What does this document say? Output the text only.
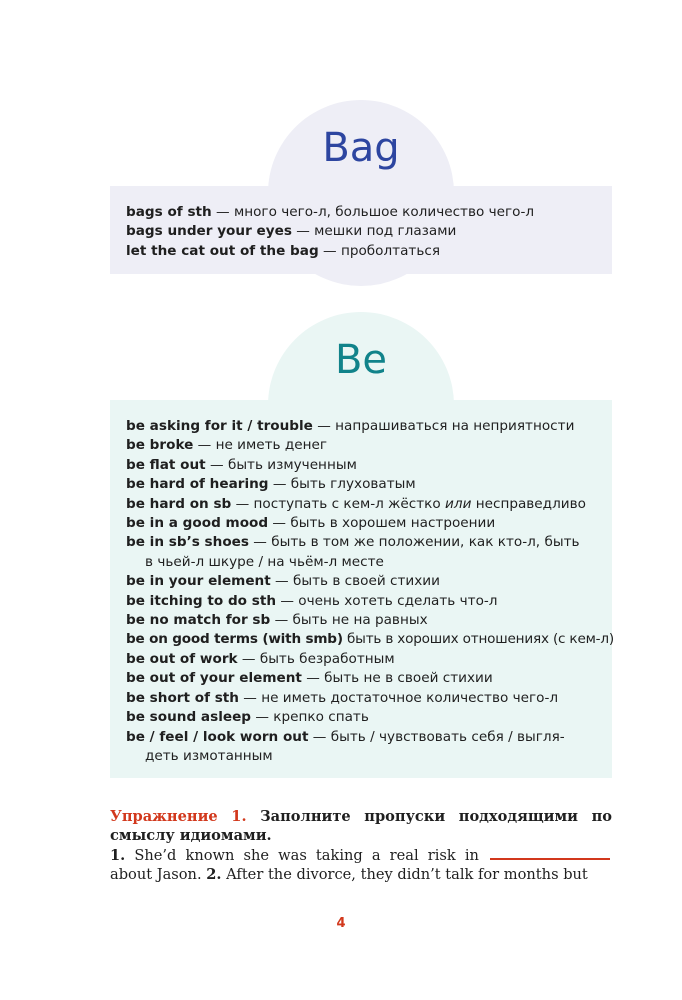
Bag

bags of sth — много чего-л, большое количество чего-л

bags under your eyes — мешки под глазами

let the cat out of the bag — проболтаться

Be

be asking for it / trouble — напрашиваться на неприятности

be broke — не иметь денег

be flat out — быть измученным

be hard of hearing — быть глуховатым

be hard on sb — поступать с кем-л жёстко или несправедливо

be in a good mood — быть в хорошем настроении

be in sb’s shoes — быть в том же положении, как кто-л, быть
в чьей-л шкуре / на чьём-л месте

be in your element — быть в своей стихии

be itching to do sth — очень хотеть сделать что-л

be no match for sb — быть не на равных

be on good terms (with smb) быть в хороших отношениях (с кем-л)

be out of work — быть безработным

be out of your element — быть не в своей стихии

be short of sth — не иметь достаточное количество чего-л

be sound asleep — крепко спать

be / feel / look worn out — быть / чувствовать себя / выгля-
деть измотанным

Упражнение 1. Заполните пропуски подходящими по смыслу идиомами.

1. She’d known she was taking a real risk in  about Jason. 2. After the divorce, they didn’t talk for months but

4
